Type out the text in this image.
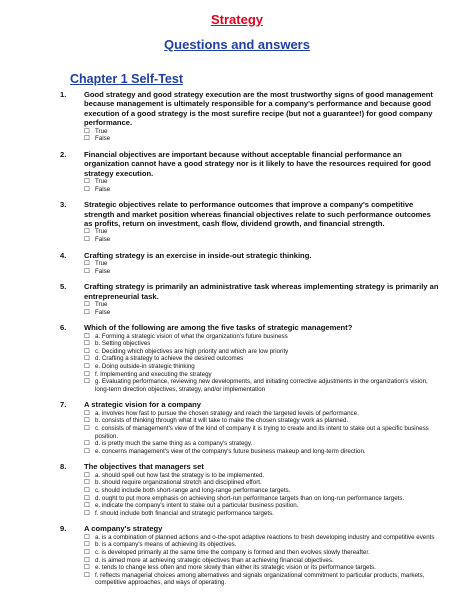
Strategy
Questions and answers
Chapter 1 Self-Test
1.	Good strategy and good strategy execution are the most trustworthy signs of good management because management is ultimately responsible for a company's performance and because good execution of a good strategy is the most surefire recipe (but not a guarantee!) for good company performance.
☐ True
☐ False
2.	Financial objectives are important because without acceptable financial performance an organization cannot have a good strategy nor is it likely to have the resources required for good strategy execution.
☐ True
☐ False
3.	Strategic objectives relate to performance outcomes that improve a company's competitive strength and market position whereas financial objectives relate to such performance outcomes as profits, return on investment, cash flow, dividend growth, and financial strength.
☐ True
☐ False
4.	Crafting strategy is an exercise in inside-out strategic thinking.
☐ True
☐ False
5.	Crafting strategy is primarily an administrative task whereas implementing strategy is primarily an entrepreneurial task.
☐ True
☐ False
6.	Which of the following are among the five tasks of strategic management?
☐ a. Forming a strategic vision of what the organization's future business
☐ b. Setting objectives
☐ c. Deciding which objectives are high priority and which are low priority
☐ d. Crafting a strategy to achieve the desired outcomes
☐ e. Doing outside-in strategic thinking
☐ f. Implementing and executing the strategy
☐ g. Evaluating performance, reviewing new developments, and initiating corrective adjustments in the organization's vision, long-term direction objectives, strategy, and/or implementation
7.	A strategic vision for a company
☐ a. involves how fast to pursue the chosen strategy and reach the targeted levels of performance.
☐ b. consists of thinking through what it will take to make the chosen strategy work as planned.
☐ c. consists of management's view of the kind of company it is trying to create and its intent to stake out a specific business position.
☐ d. is pretty much the same thing as a company's strategy.
☐ e. concerns management's view of the company's future business makeup and long-term direction.
8.	The objectives that managers set
☐ a. should spell out how fast the strategy is to be implemented.
☐ b. should require organizational stretch and disciplined effort.
☐ c. should include both short-range and long-range performance targets.
☐ d. ought to put more emphasis on achieving short-run performance targets than on long-run performance targets.
☐ e. indicate the company's intent to stake out a particular business position.
☐ f. should include both financial and strategic performance targets.
9.	A company's strategy
☐ a. is a combination of planned actions and o-the-spot adaptive reactions to fresh developing industry and competitive events
☐ b. is a company's means of achieving its objectives.
☐ c. is developed primarily at the same time the company is formed and then evolves slowly thereafter.
☐ d. is aimed more at achieving strategic objectives than at achieving financial objectives.
☐ e. tends to change less often and more slowly than either its strategic vision or its performance targets.
☐ f. reflects managerial choices among alternatives and signals organizational commitment to particular products, markets, competitive approaches, and ways of operating.
